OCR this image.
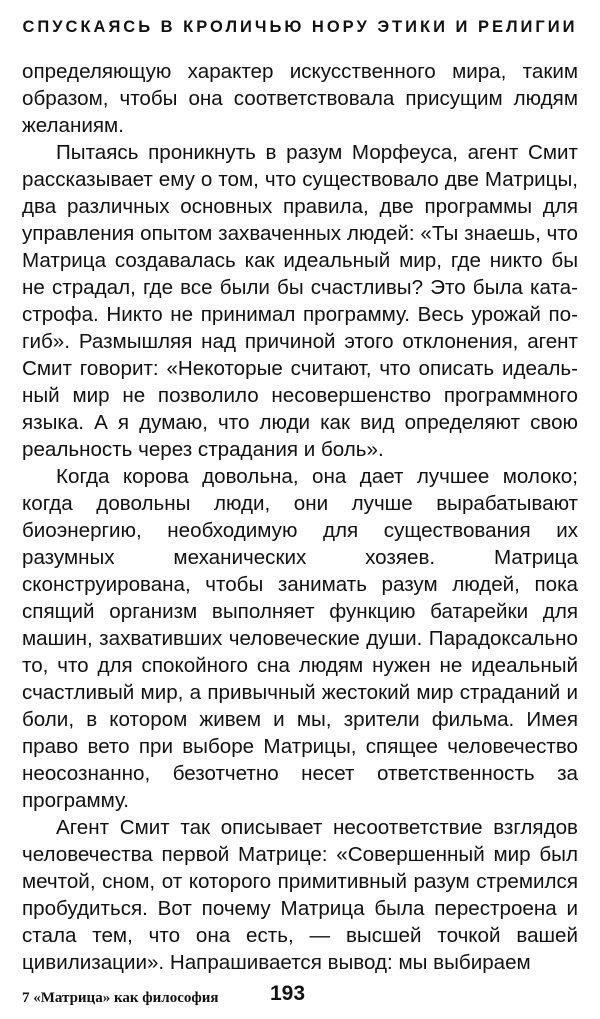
СПУСКАЯСЬ В КРОЛИЧЬЮ НОРУ ЭТИКИ И РЕЛИГИИ

определяющую характер искусственного мира, таким образом, чтобы она соответствовала присущим людям желаниям.

Пытаясь проникнуть в разум Морфеуса, агент Смит рассказывает ему о том, что существовало две Матрицы, два различных основных правила, две программы для управления опытом захваченных людей: «Ты знаешь, что Матрица создавалась как идеальный мир, где никто бы не страдал, где все были бы счастливы? Это была катастрофа. Никто не принимал программу. Весь урожай погиб». Размышляя над причиной этого отклонения, агент Смит говорит: «Некоторые считают, что описать идеальный мир не позволило несовершенство программного языка. А я думаю, что люди как вид определяют свою реальность через страдания и боль».

Когда корова довольна, она дает лучшее молоко; когда довольны люди, они лучше вырабатывают биоэнергию, необходимую для существования их разумных механических хозяев. Матрица сконструирована, чтобы занимать разум людей, пока спящий организм выполняет функцию батарейки для машин, захвативших человеческие души. Парадоксально то, что для спокойного сна людям нужен не идеальный счастливый мир, а привычный жестокий мир страданий и боли, в котором живем и мы, зрители фильма. Имея право вето при выборе Матрицы, спящее человечество неосознанно, безотчетно несет ответственность за программу.

Агент Смит так описывает несоответствие взглядов человечества первой Матрице: «Совершенный мир был мечтой, сном, от которого примитивный разум стремился пробудиться. Вот почему Матрица была перестроена и стала тем, что она есть, — высшей точкой вашей цивилизации». Напрашивается вывод: мы выбираем

7 «Матрица» как философия 193
